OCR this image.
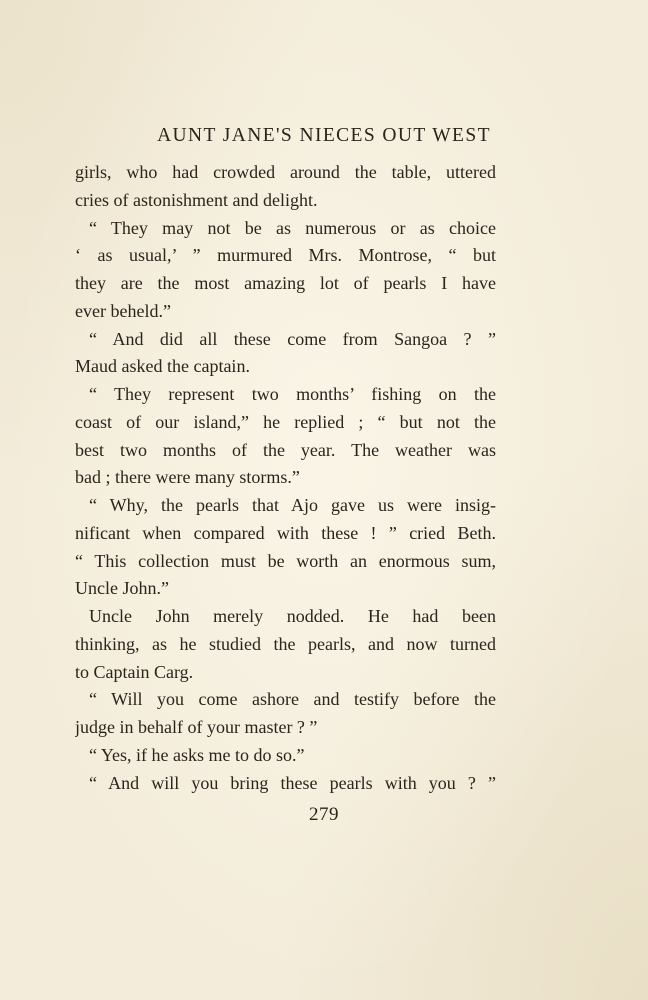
AUNT JANE'S NIECES OUT WEST
girls, who had crowded around the table, uttered
cries of astonishment and delight.
“ They may not be as numerous or as choice
‘ as usual,’ ” murmured Mrs. Montrose, “ but
they are the most amazing lot of pearls I have
ever beheld.”
“ And did all these come from Sangoa ? ”
Maud asked the captain.
“ They represent two months’ fishing on the
coast of our island,” he replied ; “ but not the
best two months of the year. The weather was
bad ; there were many storms.”
“ Why, the pearls that Ajo gave us were insig-
nificant when compared with these ! ” cried Beth.
“ This collection must be worth an enormous sum,
Uncle John.”
Uncle John merely nodded. He had been
thinking, as he studied the pearls, and now turned
to Captain Carg.
“ Will you come ashore and testify before the
judge in behalf of your master ? ”
“ Yes, if he asks me to do so.”
“ And will you bring these pearls with you ? ”
279
